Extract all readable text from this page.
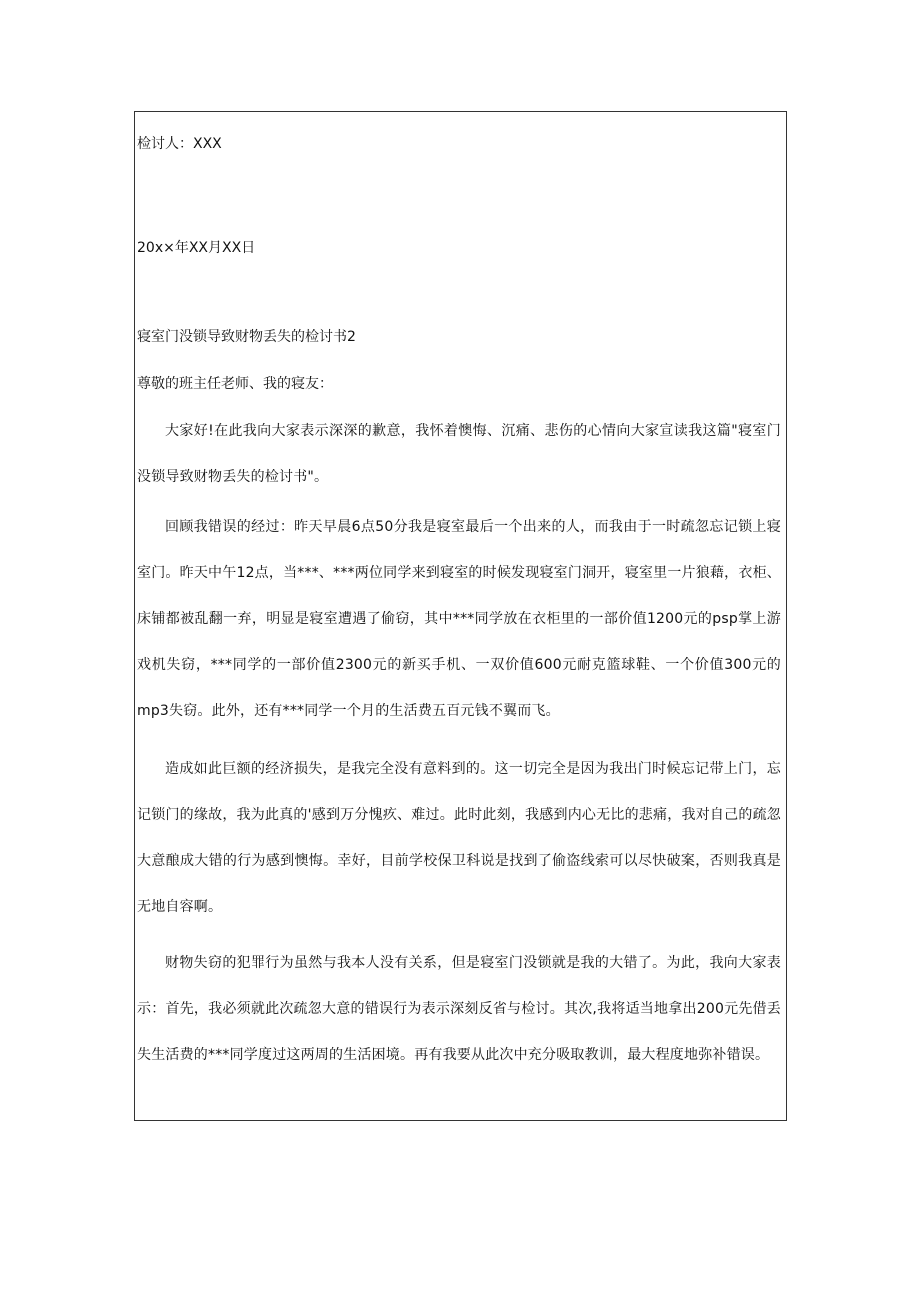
检讨人：XXX

20x×年XX月XX日

寝室门没锁导致财物丢失的检讨书2

尊敬的班主任老师、我的寝友：

大家好!在此我向大家表示深深的歉意，我怀着懊悔、沉痛、悲伤的心情向大家宣读我这篇"寝室门没锁导致财物丢失的检讨书"。

回顾我错误的经过：昨天早晨6点50分我是寝室最后一个出来的人，而我由于一时疏忽忘记锁上寝室门。昨天中午12点，当***、***两位同学来到寝室的时候发现寝室门洞开，寝室里一片狼藉，衣柜、床铺都被乱翻一弃，明显是寝室遭遇了偷窃，其中***同学放在衣柜里的一部价值1200元的psp掌上游戏机失窃，***同学的一部价值2300元的新买手机、一双价值600元耐克篮球鞋、一个价值300元的mp3失窃。此外，还有***同学一个月的生活费五百元钱不翼而飞。

造成如此巨额的经济损失，是我完全没有意料到的。这一切完全是因为我出门时候忘记带上门，忘记锁门的缘故，我为此真的'感到万分愧疚、难过。此时此刻，我感到内心无比的悲痛，我对自己的疏忽大意酿成大错的行为感到懊悔。幸好，目前学校保卫科说是找到了偷盗线索可以尽快破案，否则我真是无地自容啊。

财物失窃的犯罪行为虽然与我本人没有关系，但是寝室门没锁就是我的大错了。为此，我向大家表示：首先，我必须就此次疏忽大意的错误行为表示深刻反省与检讨。其次,我将适当地拿出200元先借丢失生活费的***同学度过这两周的生活困境。再有我要从此次中充分吸取教训，最大程度地弥补错误。
